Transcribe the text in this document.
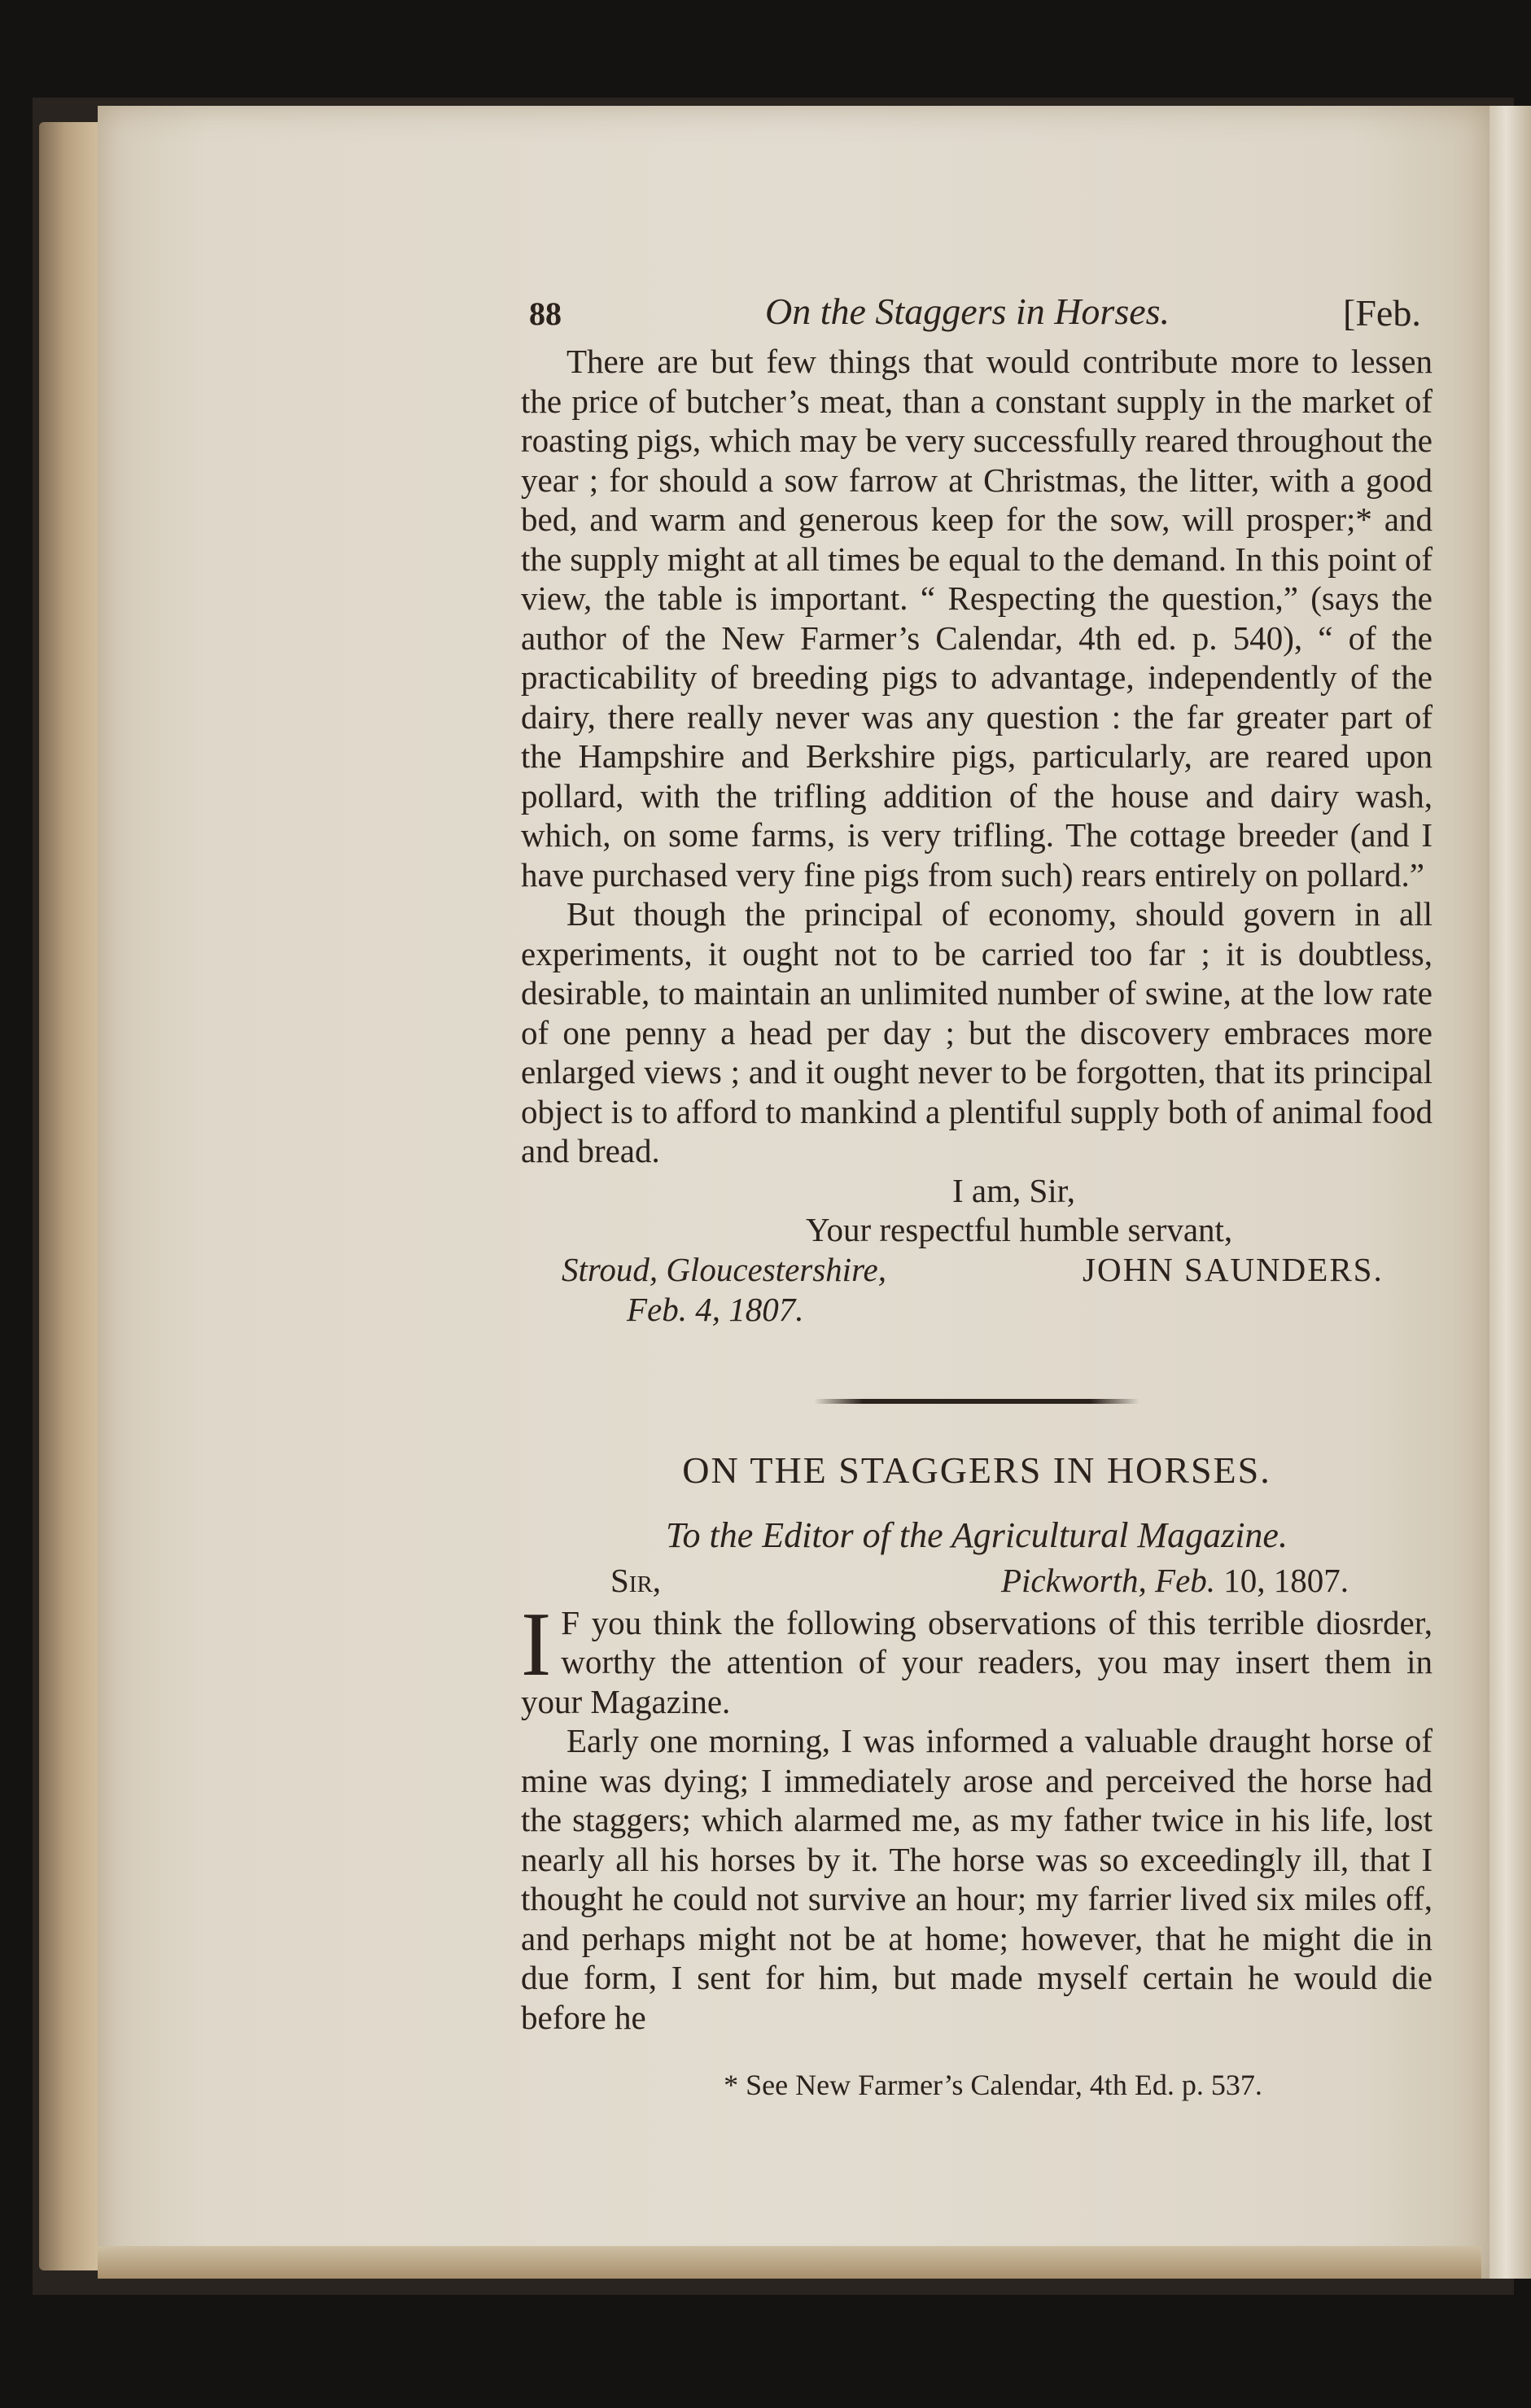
88	On the Staggers in Horses.	[Feb.

There are but few things that would contribute more to lessen the price of butcher’s meat, than a constant supply in the market of roasting pigs, which may be very successfully reared throughout the year ; for should a sow farrow at Christmas, the litter, with a good bed, and warm and generous keep for the sow, will prosper;* and the supply might at all times be equal to the demand. In this point of view, the table is important. “ Respecting the question,” (says the author of the New Farmer’s Calendar, 4th ed. p. 540), “ of the practicability of breeding pigs to advantage, independently of the dairy, there really never was any question : the far greater part of the Hampshire and Berkshire pigs, particularly, are reared upon pollard, with the trifling addition of the house and dairy wash, which, on some farms, is very trifling. The cottage breeder (and I have purchased very fine pigs from such) rears entirely on pollard.”

But though the principal of economy, should govern in all experiments, it ought not to be carried too far ; it is doubtless, desirable, to maintain an unlimited number of swine, at the low rate of one penny a head per day ; but the discovery embraces more enlarged views ; and it ought never to be forgotten, that its principal object is to afford to mankind a plentiful supply both of animal food and bread.

I am, Sir,
Your respectful humble servant,
Stroud, Gloucestershire,	JOHN SAUNDERS.
Feb. 4, 1807.
ON THE STAGGERS IN HORSES.
To the Editor of the Agricultural Magazine.
Sir,	Pickworth, Feb. 10, 1807.

I F you think the following observations of this terrible diosrder, worthy the attention of your readers, you may insert them in your Magazine.

Early one morning, I was informed a valuable draught horse of mine was dying; I immediately arose and perceived the horse had the staggers; which alarmed me, as my father twice in his life, lost nearly all his horses by it. The horse was so exceedingly ill, that I thought he could not survive an hour; my farrier lived six miles off, and perhaps might not be at home; however, that he might die in due form, I sent for him, but made myself certain he would die before he

* See New Farmer’s Calendar, 4th Ed. p. 537.
